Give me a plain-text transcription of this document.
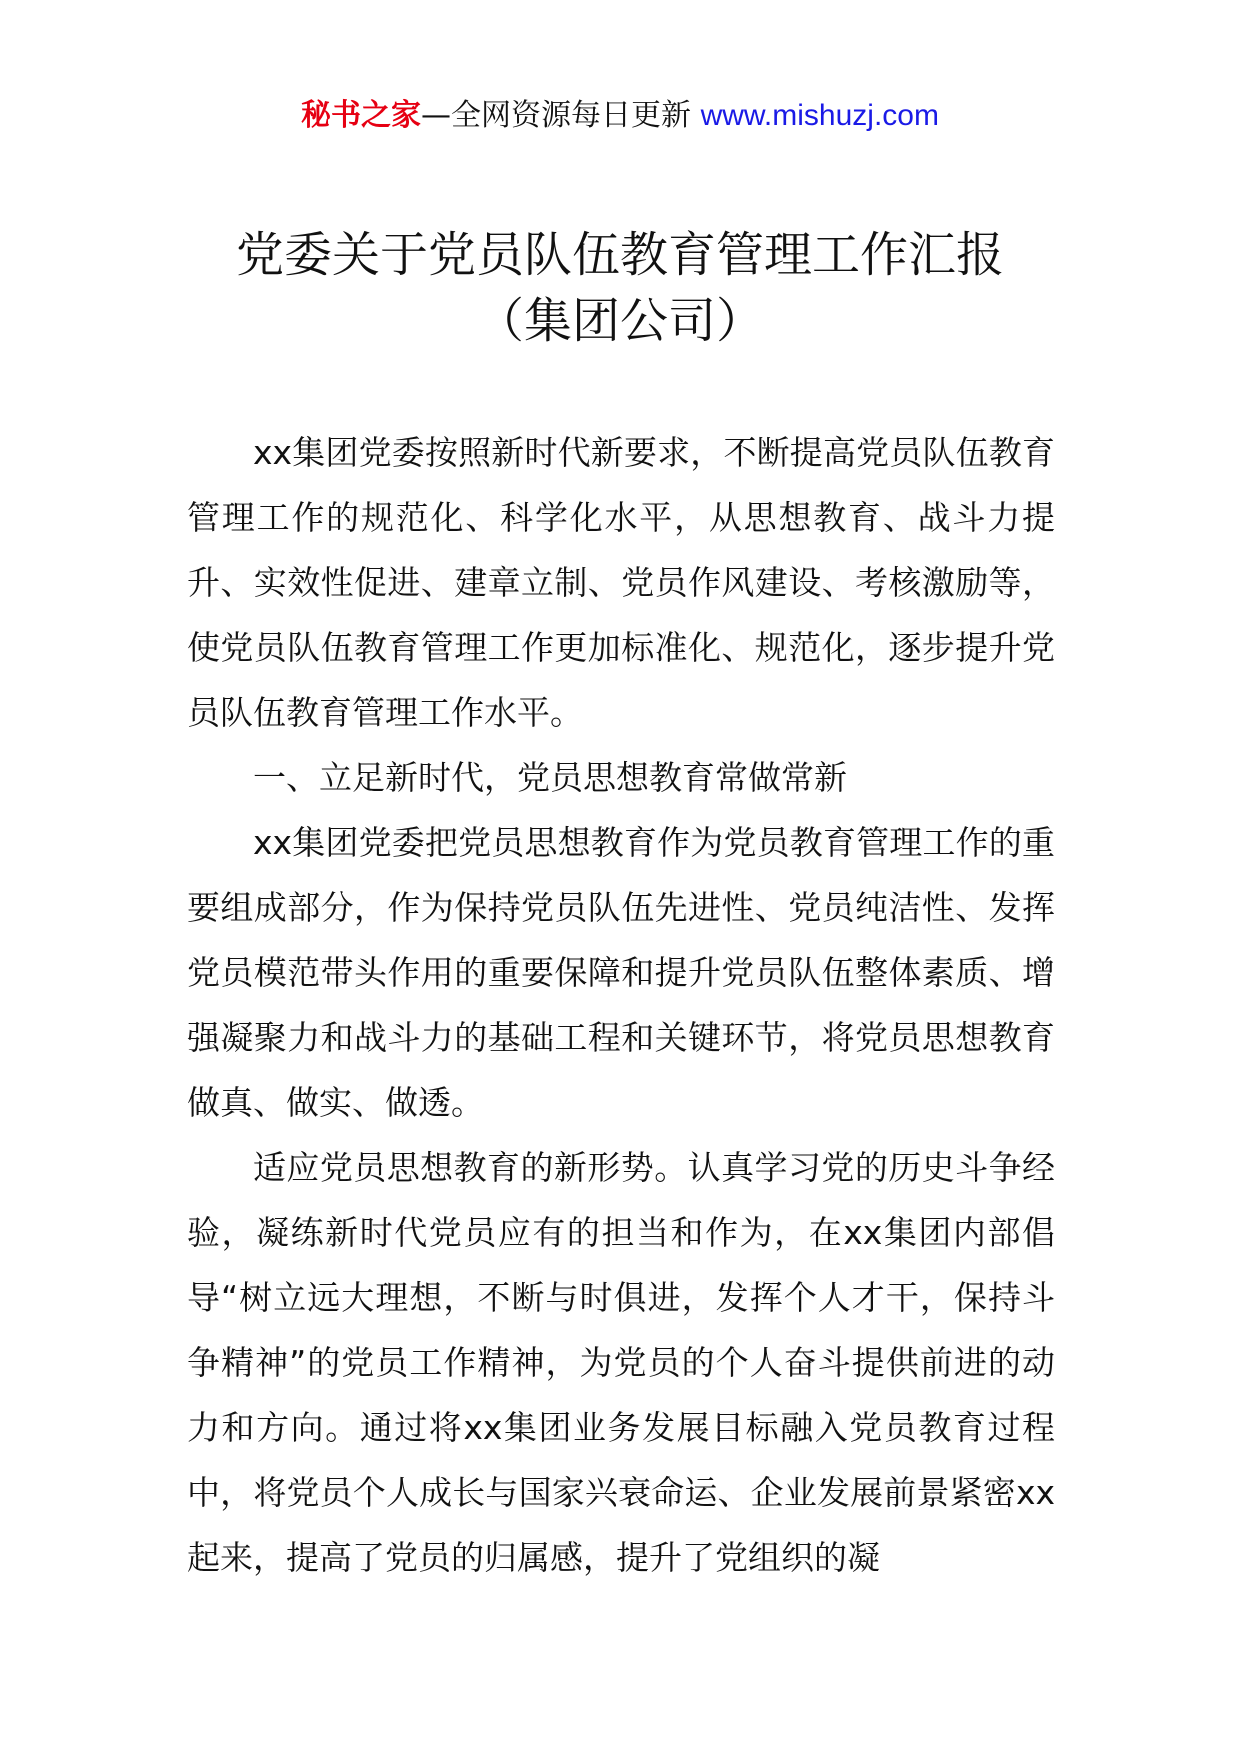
秘书之家—全网资源每日更新 www.mishuzj.com
党委关于党员队伍教育管理工作汇报
（集团公司）

xx集团党委按照新时代新要求，不断提高党员队伍教育管理工作的规范化、科学化水平，从思想教育、战斗力提升、实效性促进、建章立制、党员作风建设、考核激励等，使党员队伍教育管理工作更加标准化、规范化，逐步提升党员队伍教育管理工作水平。

一、立足新时代，党员思想教育常做常新

xx集团党委把党员思想教育作为党员教育管理工作的重要组成部分，作为保持党员队伍先进性、党员纯洁性、发挥党员模范带头作用的重要保障和提升党员队伍整体素质、增强凝聚力和战斗力的基础工程和关键环节，将党员思想教育做真、做实、做透。

适应党员思想教育的新形势。认真学习党的历史斗争经验，凝练新时代党员应有的担当和作为，在xx集团内部倡导“树立远大理想，不断与时俱进，发挥个人才干，保持斗争精神”的党员工作精神，为党员的个人奋斗提供前进的动力和方向。通过将xx集团业务发展目标融入党员教育过程中，将党员个人成长与国家兴衰命运、企业发展前景紧密xx起来，提高了党员的归属感，提升了党组织的凝
